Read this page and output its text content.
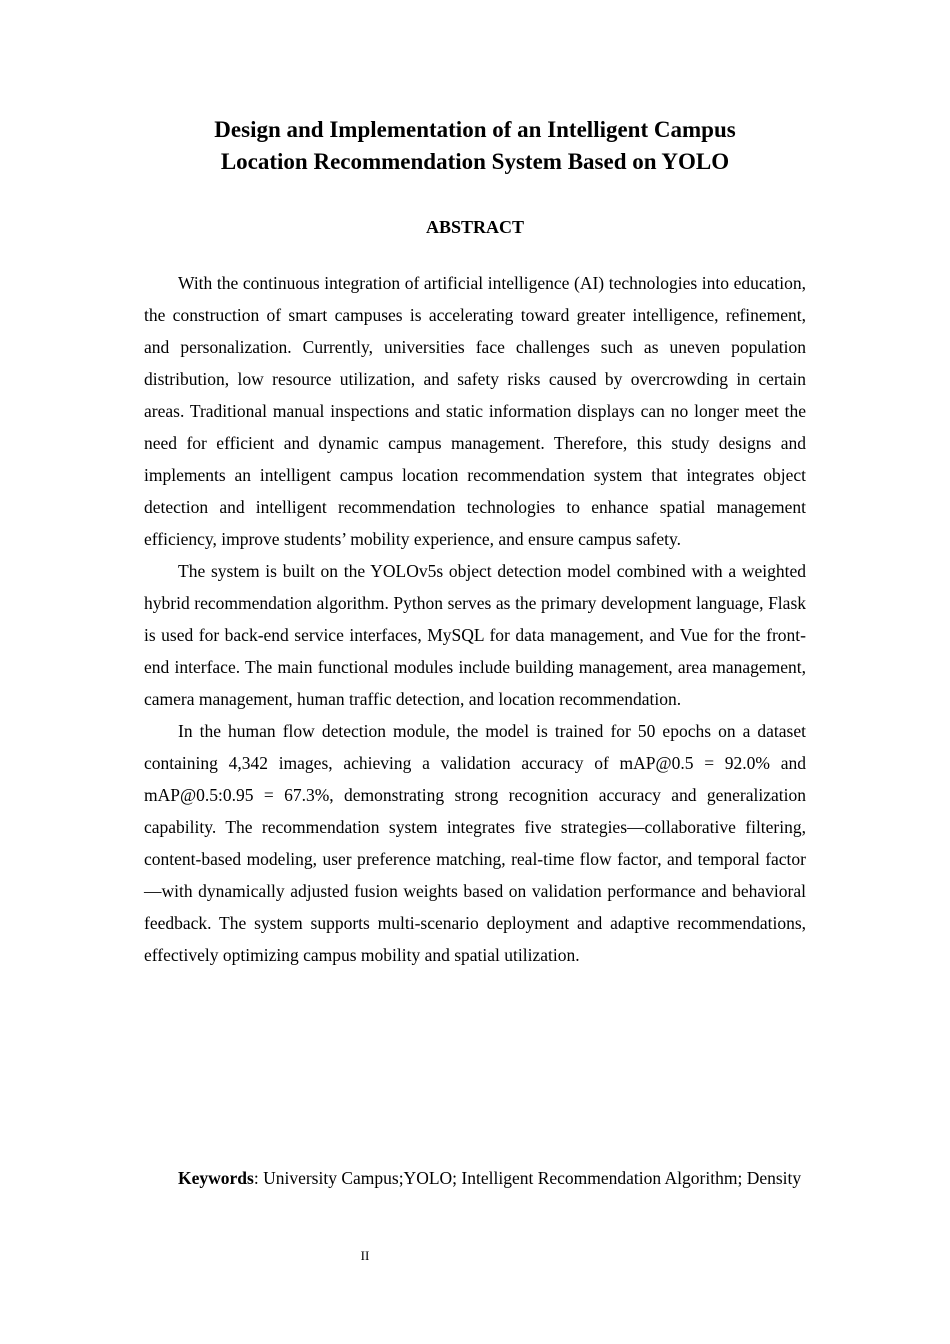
Design and Implementation of an Intelligent Campus
Location Recommendation System Based on YOLO
ABSTRACT

With the continuous integration of artificial intelligence (AI) technologies into education, the construction of smart campuses is accelerating toward greater intelligence, refinement, and personalization. Currently, universities face challenges such as uneven population distribution, low resource utilization, and safety risks caused by overcrowding in certain areas. Traditional manual inspections and static information displays can no longer meet the need for efficient and dynamic campus management. Therefore, this study designs and implements an intelligent campus location recommendation system that integrates object detection and intelligent recommendation technologies to enhance spatial management efficiency, improve students’ mobility experience, and ensure campus safety.

The system is built on the YOLOv5s object detection model combined with a weighted hybrid recommendation algorithm. Python serves as the primary development language, Flask is used for back-end service interfaces, MySQL for data management, and Vue for the front-end interface. The main functional modules include building management, area management, camera management, human traffic detection, and location recommendation.

In the human flow detection module, the model is trained for 50 epochs on a dataset containing 4,342 images, achieving a validation accuracy of mAP@0.5 = 92.0% and mAP@0.5:0.95 = 67.3%, demonstrating strong recognition accuracy and generalization capability. The recommendation system integrates five strategies—collaborative filtering, content-based modeling, user preference matching, real-time flow factor, and temporal factor—with dynamically adjusted fusion weights based on validation performance and behavioral feedback. The system supports multi-scenario deployment and adaptive recommendations, effectively optimizing campus mobility and spatial utilization.

Keywords: University Campus;YOLO; Intelligent Recommendation Algorithm; Density

II
